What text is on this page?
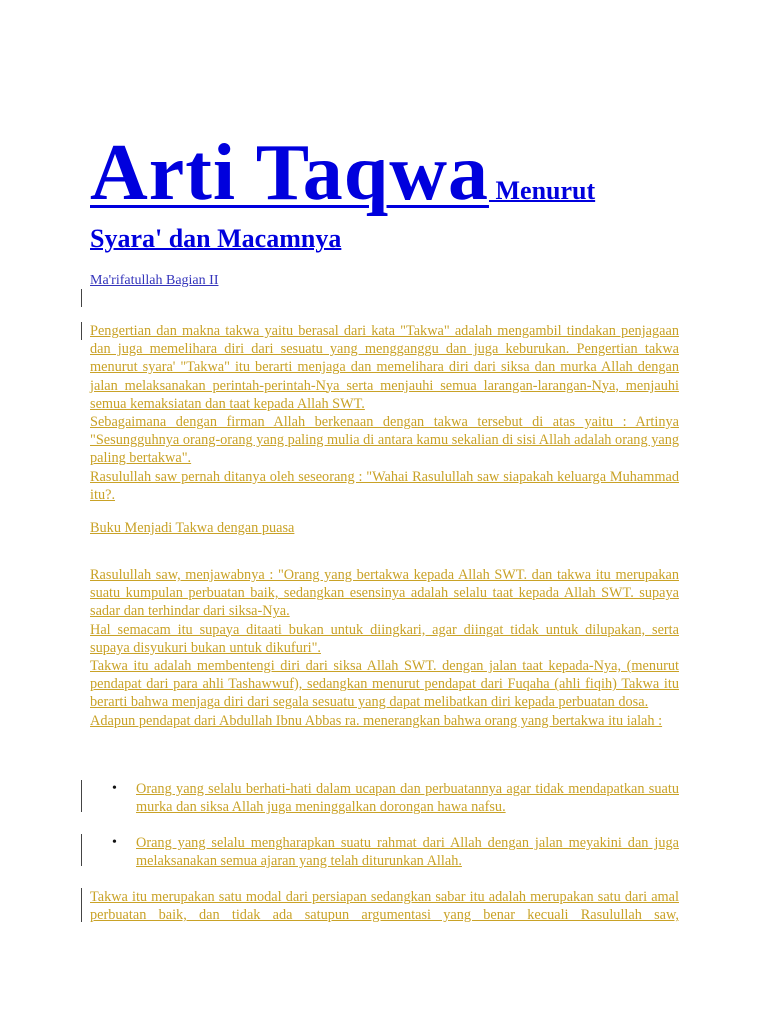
Arti Taqwa Menurut
Syara' dan Macamnya
Ma'rifatullah Bagian II

Pengertian dan makna takwa yaitu berasal dari kata "Takwa" adalah mengambil tindakan penjagaan dan juga memelihara diri dari sesuatu yang mengganggu dan juga keburukan. Pengertian takwa menurut syara' "Takwa" itu berarti menjaga dan memelihara diri dari siksa dan murka Allah dengan jalan melaksanakan perintah-perintah-Nya serta menjauhi semua larangan-larangan-Nya, menjauhi semua kemaksiatan dan taat kepada Allah SWT.

Sebagaimana dengan firman Allah berkenaan dengan takwa tersebut di atas yaitu : Artinya "Sesungguhnya orang-orang yang paling mulia di antara kamu sekalian di sisi Allah adalah orang yang paling bertakwa".

Rasulullah saw pernah ditanya oleh seseorang : "Wahai Rasulullah saw siapakah keluarga Muhammad itu?.

Buku Menjadi Takwa dengan puasa

Rasulullah saw, menjawabnya : "Orang yang bertakwa kepada Allah SWT. dan takwa itu merupakan suatu kumpulan perbuatan baik, sedangkan esensinya adalah selalu taat kepada Allah SWT. supaya sadar dan terhindar dari siksa-Nya.

Hal semacam itu supaya ditaati bukan untuk diingkari, agar diingat tidak untuk dilupakan, serta supaya disyukuri bukan untuk dikufuri".

Takwa itu adalah membentengi diri dari siksa Allah SWT. dengan jalan taat kepada-Nya, (menurut pendapat dari para ahli Tashawwuf), sedangkan menurut pendapat dari Fuqaha (ahli fiqih) Takwa itu berarti bahwa menjaga diri dari segala sesuatu yang dapat melibatkan diri kepada perbuatan dosa.

Adapun pendapat dari Abdullah Ibnu Abbas ra. menerangkan bahwa orang yang bertakwa itu ialah :

•	Orang yang selalu berhati-hati dalam ucapan dan perbuatannya agar tidak mendapatkan suatu murka dan siksa Allah juga meninggalkan dorongan hawa nafsu.

•	Orang yang selalu mengharapkan suatu rahmat dari Allah dengan jalan meyakini dan juga melaksanakan semua ajaran yang telah diturunkan Allah.

Takwa itu merupakan satu modal dari persiapan sedangkan sabar itu adalah merupakan satu dari amal perbuatan baik, dan tidak ada satupun argumentasi yang benar kecuali Rasulullah saw,
